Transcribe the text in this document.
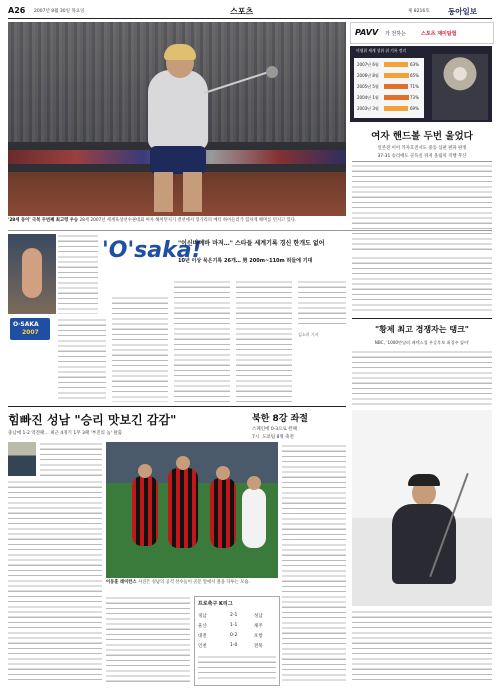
A26 2007년 8월 30일 목요일	스포츠	제 8216호 동아일보
'28세 동이' 극복 두번째 최고령 우승 28세 2007년 세계육상선수권대회 여자 해머던지기 결선에서 헝가리의 베티 하이들러가 힘차게 해머를 던지고 있다.
PAVV 가 전하는	스포츠 재미탐험
미셸위 세계 상위 위 기록 정리
2007년 6월	63%
2006년 8월	65%
2005년 5월	71%
2004년 1월	73%
2003년 3월	69%
여자 핸드볼 두번 울었다
일본전 이어 카자흐전서도 중동 심판 편파 판정
37-31 승리에도 골득실 뒤져 올림픽 직행 무산
'O'saka!
"이신바예바 마저…" 스타들 세계기록 경신 한개도 없어
10년 이상 묵은기록 26개… 男 200m~110m 허들에 기대
O·SAKA
2007	김소희 기자
"황제 최고 경쟁자는 탱크"
NBC, '1000만달러 페덱스컵 우승후보 최경주 꼽아'
힘빠진 성남 "승리 맛보긴 감감"
충남에 1-2 역전패… 최근 4경기 1무 3패 '부진의 늪' 탈출
북한 8강 좌절
스페인에 0-3으로 완패
7시. 도쿄팀 8명 축전
이동훈 레이턴스 사진은 성남의 공격 선수들이 골문 앞에서 볼을 다투는 모습.
프로축구 K리그
경남	2-1	성남
울산	1-1	제주
대전	0-2	포항
인천	1-0	전북
